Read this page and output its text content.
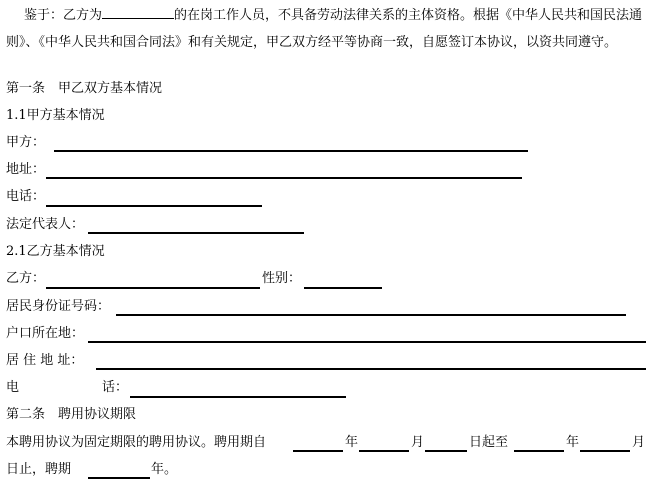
鉴于：乙方为	的在岗工作人员，不具备劳动法律关系的主体资格。根据《中华人民共和国民法通则》、《中华人民共和国合同法》和有关规定，甲乙双方经平等协商一致，自愿签订本协议，以资共同遵守。
第一条　甲乙双方基本情况
1.1甲方基本情况
甲方：
地址：
电话：
法定代表人：
2.1乙方基本情况
乙方：	性别：
居民身份证号码：
户口所在地：
居 住 地 址：
电	话：
第二条　聘用协议期限
本聘用协议为固定期限的聘用协议。聘用期自	年	月	日起至	年	月
日止，聘期	年。
